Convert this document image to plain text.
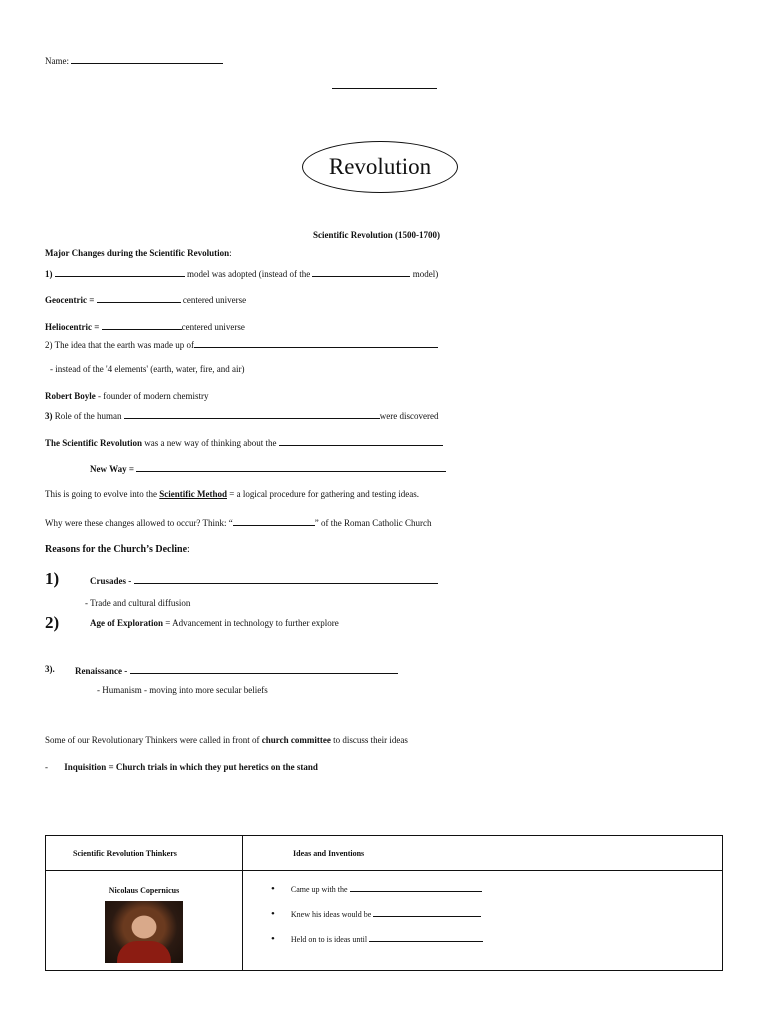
Name:
Revolution
Scientific Revolution (1500-1700)
Major Changes during the Scientific Revolution:
1)	model was adopted (instead of the	model)
Geocentric =	centered universe
Heliocentric =	centered universe
2) The idea that the earth was made up of
- instead of the '4 elements' (earth, water, fire, and air)
Robert Boyle - founder of modern chemistry
3) Role of the human	were discovered
The Scientific Revolution was a new way of thinking about the
New Way =
This is going to evolve into the Scientific Method = a logical procedure for gathering and testing ideas.
Why were these changes allowed to occur? Think: “	” of the Roman Catholic Church
Reasons for the Church’s Decline:
1)	Crusades -
- Trade and cultural diffusion
2)	Age of Exploration = Advancement in technology to further explore
3). Renaissance -
- Humanism - moving into more secular beliefs
Some of our Revolutionary Thinkers were called in front of church committee to discuss their ideas
- Inquisition = Church trials in which they put heretics on the stand
Scientific Revolution Thinkers	Ideas and Inventions

Nicolaus Copernicus	• Came up with the
• Knew his ideas would be
• Held on to is ideas until
